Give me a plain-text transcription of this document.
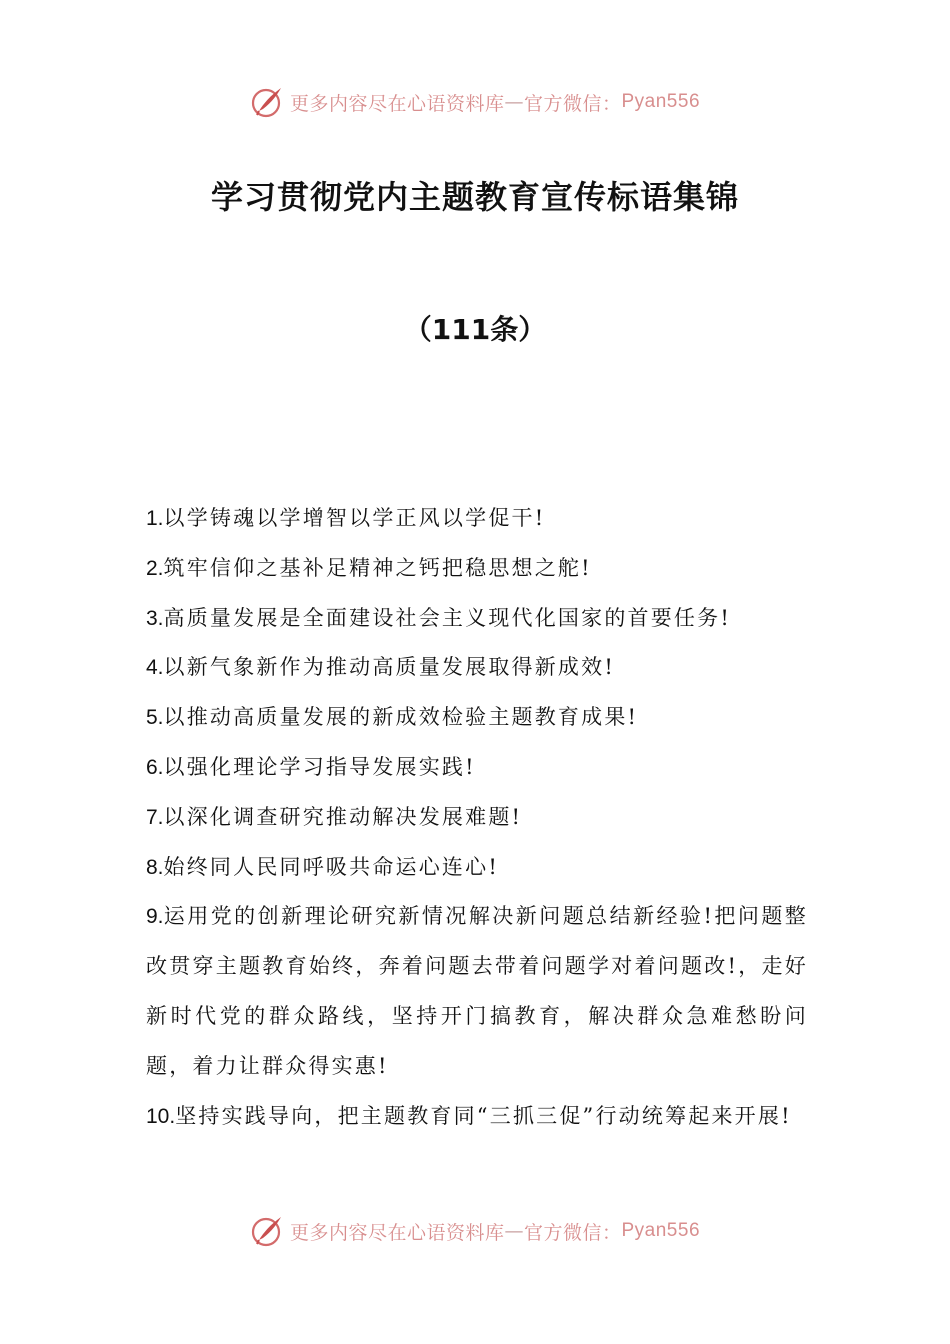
更多内容尽在心语资料库 — 官方微信： Pyan556
学习贯彻党内主题教育宣传标语集锦
（111条）

1.以学铸魂以学增智以学正风以学促干!

2.筑牢信仰之基补足精神之钙把稳思想之舵!

3.高质量发展是全面建设社会主义现代化国家的首要任务!

4.以新气象新作为推动高质量发展取得新成效!

5.以推动高质量发展的新成效检验主题教育成果!

6.以强化理论学习指导发展实践!

7.以深化调查研究推动解决发展难题!

8.始终同人民同呼吸共命运心连心!

9.运用党的创新理论研究新情况解决新问题总结新经验!把问题整改贯穿主题教育始终，奔着问题去带着问题学对着问题改!，走好新时代党的群众路线，坚持开门搞教育，解决群众急难愁盼问题，着力让群众得实惠!

10.坚持实践导向，把主题教育同“三抓三促”行动统筹起来开展!

更多内容尽在心语资料库 — 官方微信： Pyan556
